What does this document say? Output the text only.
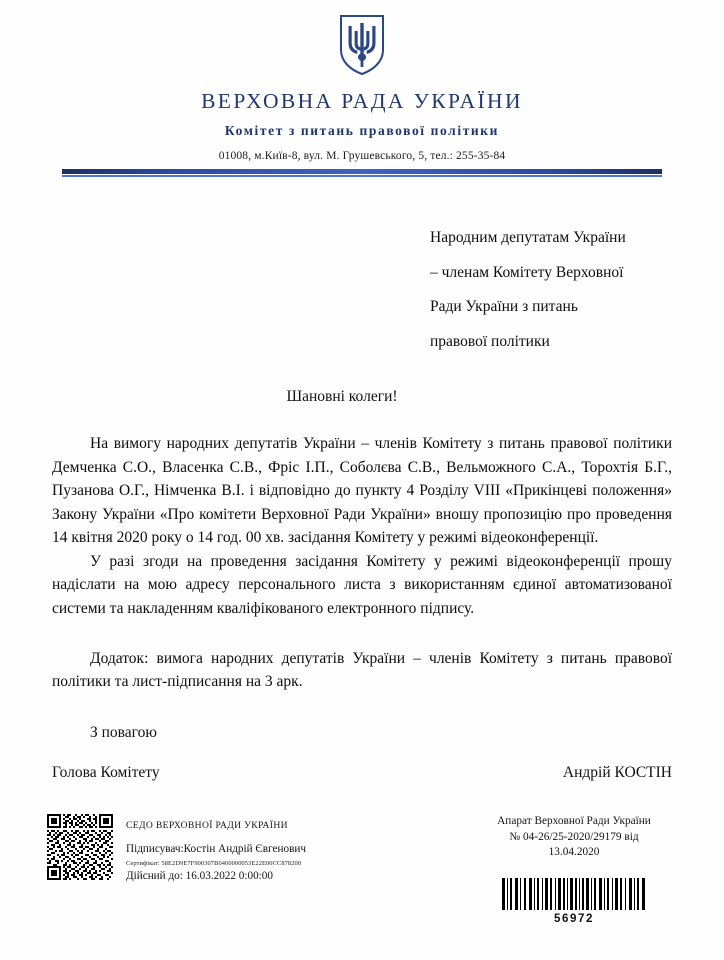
ВЕРХОВНА РАДА УКРАЇНИ
Комітет з питань правової політики
01008, м.Київ-8, вул. М. Грушевського, 5, тел.: 255-35-84
Народним депутатам України
– членам Комітету Верховної
Ради України з питань
правової політики
Шановні колеги!

На вимогу народних депутатів України – членів Комітету з питань правової політики Демченка С.О., Власенка С.В., Фріс І.П., Соболєва С.В., Вельможного С.А., Торохтія Б.Г., Пузанова О.Г., Німченка В.І. і відповідно до пункту 4 Розділу VIII «Прикінцеві положення» Закону України «Про комітети Верховної Ради України» вношу пропозицію про проведення 14 квітня 2020 року о 14 год. 00 хв. засідання Комітету у режимі відеоконференції.

У разі згоди на проведення засідання Комітету у режимі відеоконференції прошу надіслати на мою адресу персонального листа з використанням єдиної автоматизованої системи та накладенням кваліфікованого електронного підпису.

Додаток: вимога народних депутатів України – членів Комітету з питань правової політики та лист-підписання на 3 арк.

З повагою
Голова Комітету	Андрій КОСТІН
СЕДО ВЕРХОВНОЇ РАДИ УКРАЇНИ
Підписувач:Костін Андрій Євгенович
Сертифікат: 58E2D9E7F900307B0400000053E22E00CC878200
Дійсний до: 16.03.2022 0:00:00
Апарат Верховної Ради України
№ 04-26/25-2020/29179 від
13.04.2020
56972
